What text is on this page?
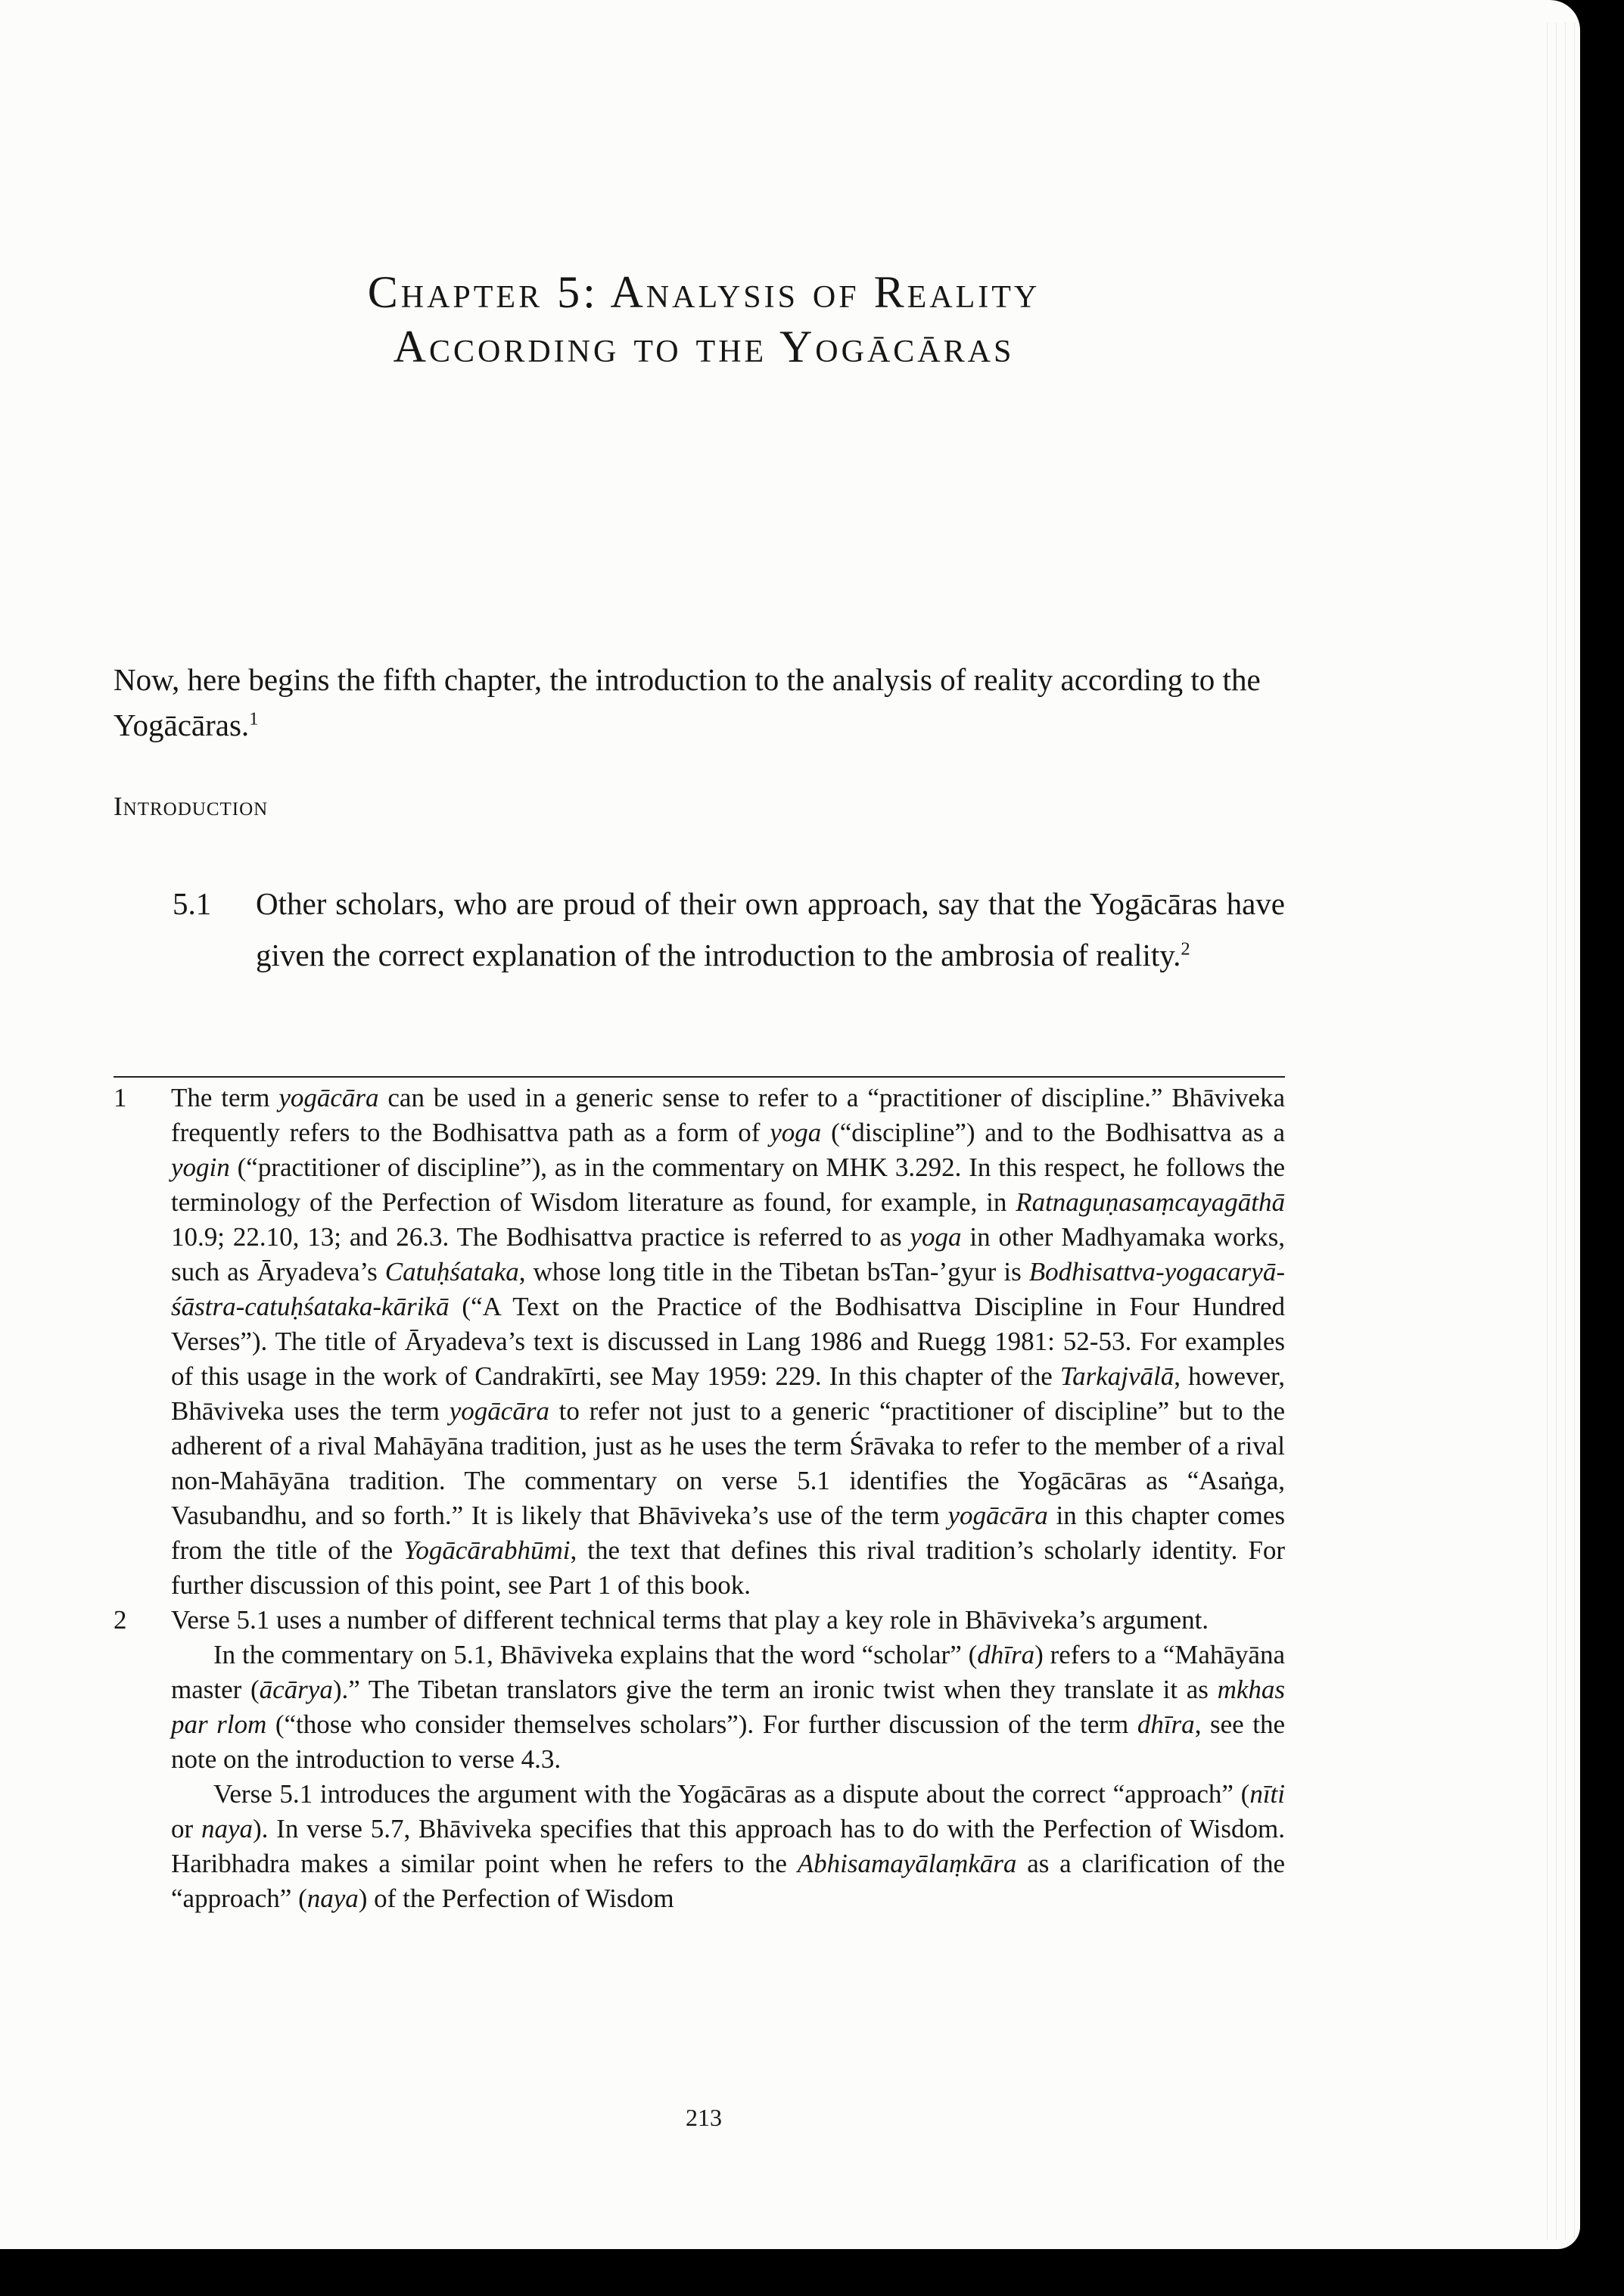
Chapter 5: Analysis of Reality
According to the Yogācāras

Now, here begins the fifth chapter, the introduction to the analysis of reality according to the Yogācāras.$^1$

Introduction
5.1 Other scholars, who are proud of their own approach, say that the Yogācāras have given the correct explanation of the introduction to the ambrosia of reality.$^2$

1 The term yogācāra can be used in a generic sense to refer to a “practitioner of discipline.” Bhāviveka frequently refers to the Bodhisattva path as a form of yoga (“discipline”) and to the Bodhisattva as a yogin (“practitioner of discipline”), as in the commentary on MHK 3.292. In this respect, he follows the terminology of the Perfection of Wisdom literature as found, for example, in Ratnaguṇasaṃcayagāthā 10.9; 22.10, 13; and 26.3. The Bodhisattva practice is referred to as yoga in other Madhyamaka works, such as Āryadeva’s Catuḥśataka, whose long title in the Tibetan bsTan-’gyur is Bodhisattva-yogacaryā-śāstra-catuḥśataka-kārikā (“A Text on the Practice of the Bodhisattva Discipline in Four Hundred Verses”). The title of Āryadeva’s text is discussed in Lang 1986 and Ruegg 1981: 52-53. For examples of this usage in the work of Candrakīrti, see May 1959: 229. In this chapter of the Tarkajvālā, however, Bhāviveka uses the term yogācāra to refer not just to a generic “practitioner of discipline” but to the adherent of a rival Mahāyāna tradition, just as he uses the term Śrāvaka to refer to the member of a rival non-Mahāyāna tradition. The commentary on verse 5.1 identifies the Yogācāras as “Asaṅga, Vasubandhu, and so forth.” It is likely that Bhāviveka’s use of the term yogācāra in this chapter comes from the title of the Yogācārabhūmi, the text that defines this rival tradition’s scholarly identity. For further discussion of this point, see Part 1 of this book.

2 Verse 5.1 uses a number of different technical terms that play a key role in Bhāviveka’s argument.

In the commentary on 5.1, Bhāviveka explains that the word “scholar” (dhīra) refers to a “Mahāyāna master (ācārya).” The Tibetan translators give the term an ironic twist when they translate it as mkhas par rlom (“those who consider themselves scholars”). For further discussion of the term dhīra, see the note on the introduction to verse 4.3.

Verse 5.1 introduces the argument with the Yogācāras as a dispute about the correct “approach” (nīti or naya). In verse 5.7, Bhāviveka specifies that this approach has to do with the Perfection of Wisdom. Haribhadra makes a similar point when he refers to the Abhisamayālaṃkāra as a clarification of the “approach” (naya) of the Perfection of Wisdom

213
